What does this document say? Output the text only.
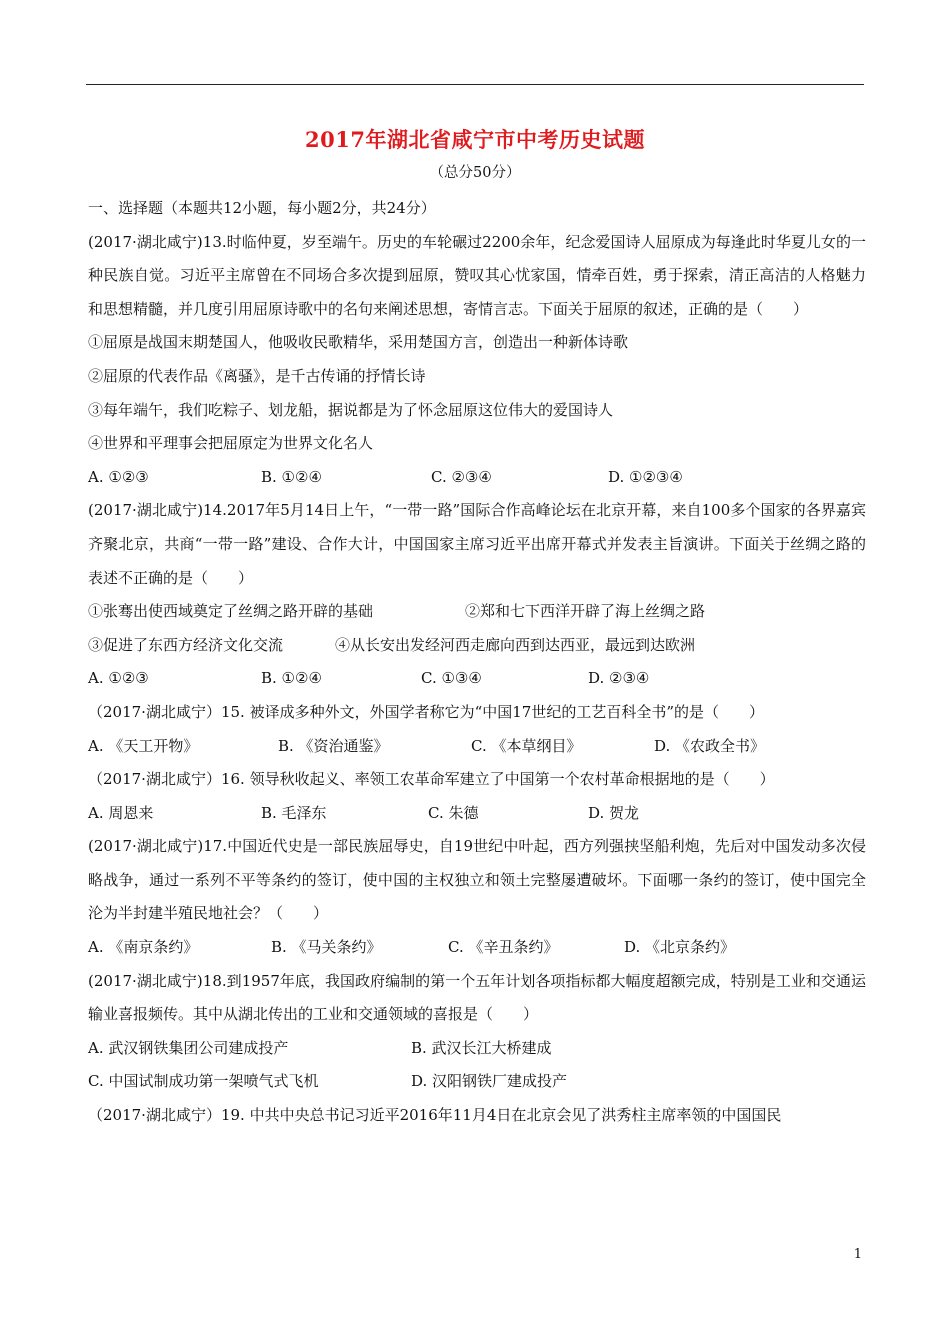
2017年湖北省咸宁市中考历史试题
（总分50分）
一、选择题（本题共12小题，每小题2分，共24分）
(2017·湖北咸宁)13.时临仲夏，岁至端午。历史的车轮碾过2200余年，纪念爱国诗人屈原成为每逢此时华夏儿女的一种民族自觉。习近平主席曾在不同场合多次提到屈原，赞叹其心忧家国，情牵百姓，勇于探索，清正高洁的人格魅力和思想精髓，并几度引用屈原诗歌中的名句来阐述思想，寄情言志。下面关于屈原的叙述，正确的是（　　）
①屈原是战国末期楚国人，他吸收民歌精华，采用楚国方言，创造出一种新体诗歌
②屈原的代表作品《离骚》，是千古传诵的抒情长诗
③每年端午，我们吃粽子、划龙船，据说都是为了怀念屈原这位伟大的爱国诗人
④世界和平理事会把屈原定为世界文化名人
A. ①②③	B. ①②④	C. ②③④	D. ①②③④
(2017·湖北咸宁)14.2017年5月14日上午，“一带一路”国际合作高峰论坛在北京开幕，来自100多个国家的各界嘉宾齐聚北京，共商“一带一路”建设、合作大计，中国国家主席习近平出席开幕式并发表主旨演讲。下面关于丝绸之路的表述不正确的是（　　）
①张骞出使西域奠定了丝绸之路开辟的基础	②郑和七下西洋开辟了海上丝绸之路
③促进了东西方经济文化交流	④从长安出发经河西走廊向西到达西亚，最远到达欧洲
A. ①②③	B. ①②④	C. ①③④	D. ②③④
（2017·湖北咸宁）15. 被译成多种外文，外国学者称它为“中国17世纪的工艺百科全书”的是（　　）
A. 《天工开物》	B. 《资治通鉴》	C. 《本草纲目》	D. 《农政全书》
（2017·湖北咸宁）16. 领导秋收起义、率领工农革命军建立了中国第一个农村革命根据地的是（　　）
A. 周恩来	B. 毛泽东	C. 朱德	D. 贺龙
(2017·湖北咸宁)17.中国近代史是一部民族屈辱史，自19世纪中叶起，西方列强挟坚船利炮，先后对中国发动多次侵略战争，通过一系列不平等条约的签订，使中国的主权独立和领土完整屡遭破坏。下面哪一条约的签订，使中国完全沦为半封建半殖民地社会？（　　）
A. 《南京条约》	B. 《马关条约》	C. 《辛丑条约》	D. 《北京条约》
(2017·湖北咸宁)18.到1957年底，我国政府编制的第一个五年计划各项指标都大幅度超额完成，特别是工业和交通运输业喜报频传。其中从湖北传出的工业和交通领域的喜报是（　　）
A. 武汉钢铁集团公司建成投产	B. 武汉长江大桥建成
C. 中国试制成功第一架喷气式飞机	D. 汉阳钢铁厂建成投产
（2017·湖北咸宁）19. 中共中央总书记习近平2016年11月4日在北京会见了洪秀柱主席率领的中国国民
1
